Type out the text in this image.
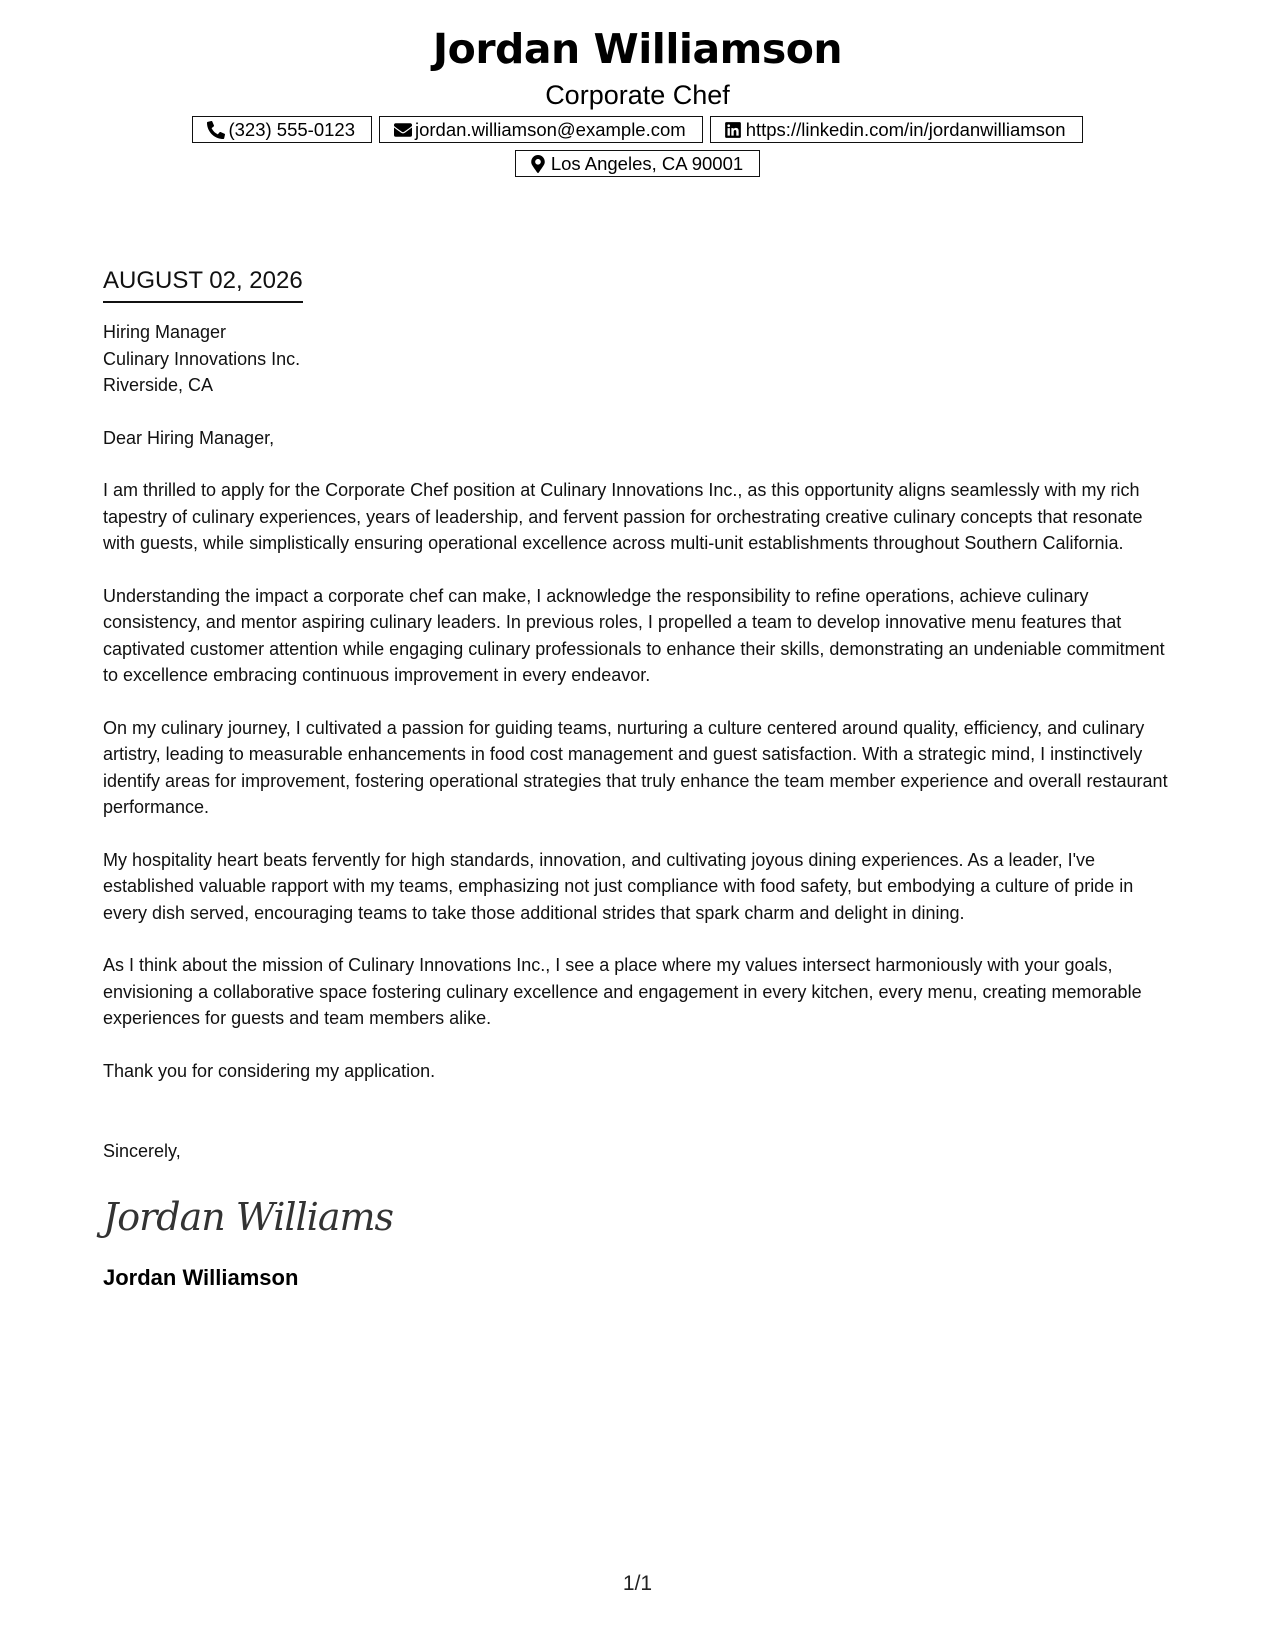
Jordan Williamson
Corporate Chef
(323) 555-0123	jordan.williamson@example.com	https://linkedin.com/in/jordanwilliamson
Los Angeles, CA 90001
AUGUST 02, 2026
Hiring Manager
Culinary Innovations Inc.
Riverside, CA
Dear Hiring Manager,

I am thrilled to apply for the Corporate Chef position at Culinary Innovations Inc., as this opportunity aligns seamlessly with my rich tapestry of culinary experiences, years of leadership, and fervent passion for orchestrating creative culinary concepts that resonate with guests, while simplistically ensuring operational excellence across multi-unit establishments throughout Southern California.

Understanding the impact a corporate chef can make, I acknowledge the responsibility to refine operations, achieve culinary consistency, and mentor aspiring culinary leaders. In previous roles, I propelled a team to develop innovative menu features that captivated customer attention while engaging culinary professionals to enhance their skills, demonstrating an undeniable commitment to excellence embracing continuous improvement in every endeavor.

On my culinary journey, I cultivated a passion for guiding teams, nurturing a culture centered around quality, efficiency, and culinary artistry, leading to measurable enhancements in food cost management and guest satisfaction. With a strategic mind, I instinctively identify areas for improvement, fostering operational strategies that truly enhance the team member experience and overall restaurant performance.

My hospitality heart beats fervently for high standards, innovation, and cultivating joyous dining experiences. As a leader, I've established valuable rapport with my teams, emphasizing not just compliance with food safety, but embodying a culture of pride in every dish served, encouraging teams to take those additional strides that spark charm and delight in dining.

As I think about the mission of Culinary Innovations Inc., I see a place where my values intersect harmoniously with your goals, envisioning a collaborative space fostering culinary excellence and engagement in every kitchen, every menu, creating memorable experiences for guests and team members alike.

Thank you for considering my application.

Sincerely,
Jordan Williams
Jordan Williamson
1/1
